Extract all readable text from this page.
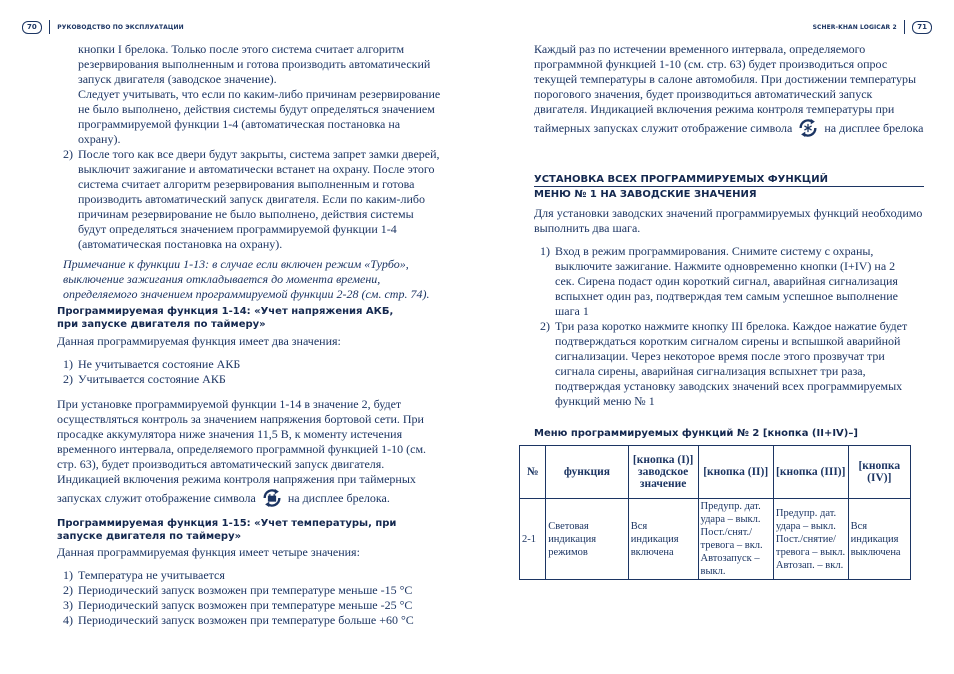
70	РУКОВОДСТВО ПО ЭКСПЛУАТАЦИИ

кнопки I брелока. Только после этого система считает алгоритм

резервирования выполненным и готова производить автоматический

запуск двигателя (заводское значение).

Следует учитывать, что если по каким-либо причинам резервирование

не было выполнено, действия системы будут определяться значением

программируемой функции 1-4 (автоматическая постановка на охрану).

2) После того как все двери будут закрыты, система запрет замки дверей, выключит зажигание и автоматически встанет на охрану. После этого система считает алгоритм резервирования выполненным и готова производить автоматический запуск двигателя. Если по каким-либо причинам резервирование не было выполнено, действия системы будут определяться значением программируемой функции 1-4 (автоматическая постановка на охрану).

Примечание к функции 1-13: в случае если включен режим «Турбо», выключение зажигания откладывается до момента времени, определяемого значением программируемой функции 2-28 (см. стр. 74).

Программируемая функция 1-14: «Учет напряжения АКБ,
при запуске двигателя по таймеру»

Данная программируемая функция имеет два значения:

1) Не учитывается состояние АКБ
2) Учитывается состояние АКБ

При установке программируемой функции 1-14 в значение 2, будет осуществляться контроль за значением напряжения бортовой сети. При просадке аккумулятора ниже значения 11,5 В, к моменту истечения временного интервала, определяемого программной функцией 1-10 (см. стр. 63), будет производиться автоматический запуск двигателя. Индикацией включения режима контроля напряжения при таймерных запусках служит отображение символа	на дисплее брелока.

Программируемая функция 1-15: «Учет температуры, при
запуске двигателя по таймеру»

Данная программируемая функция имеет четыре значения:

1) Температура не учитывается
2) Периодический запуск возможен при температуре меньше -15 °C
3) Периодический запуск возможен при температуре меньше -25 °C
4) Периодический запуск возможен при температуре больше +60 °C
SCHER-KHAN LOGICAR 2	71

Каждый раз по истечении временного интервала, определяемого программной функцией 1-10 (см. стр. 63) будет производиться опрос текущей температуры в салоне автомобиля. При достижении температуры порогового значения, будет производиться автоматический запуск двигателя. Индикацией включения режима контроля температуры при таймерных запусках служит отображение символа	на дисплее брелока

УСТАНОВКА ВСЕХ ПРОГРАММИРУЕМЫХ ФУНКЦИЙ
МЕНЮ № 1 НА ЗАВОДСКИЕ ЗНАЧЕНИЯ

Для установки заводских значений программируемых функций необходимо выполнить два шага.

1) Вход в режим программирования. Снимите систему с охраны, выключите зажигание. Нажмите одновременно кнопки (I+IV) на 2 сек. Сирена подаст один короткий сигнал, аварийная сигнализация вспыхнет один раз, подтверждая тем самым успешное выполнение шага 1
2) Три раза коротко нажмите кнопку III брелока. Каждое нажатие будет подтверждаться коротким сигналом сирены и вспышкой аварийной сигнализации. Через некоторое время после этого прозвучат три сигнала сирены, аварийная сигнализация вспыхнет три раза, подтверждая установку заводских значений всех программируемых функций меню № 1
Меню программируемых функций № 2 [кнопка (II+IV)–]
№	функция	[кнопка (I)] заводское значение	[кнопка (II)]	[кнопка (III)]	[кнопка (IV)]
2-1	Световая индикация режимов	Вся индикация включена	Предупр. дат. удара – выкл. Пост./снят./ тревога – вкл. Автозапуск – выкл.	Предупр. дат. удара – выкл. Пост./снятие/ тревога – выкл. Автозап. – вкл.	Вся индикация выключена
